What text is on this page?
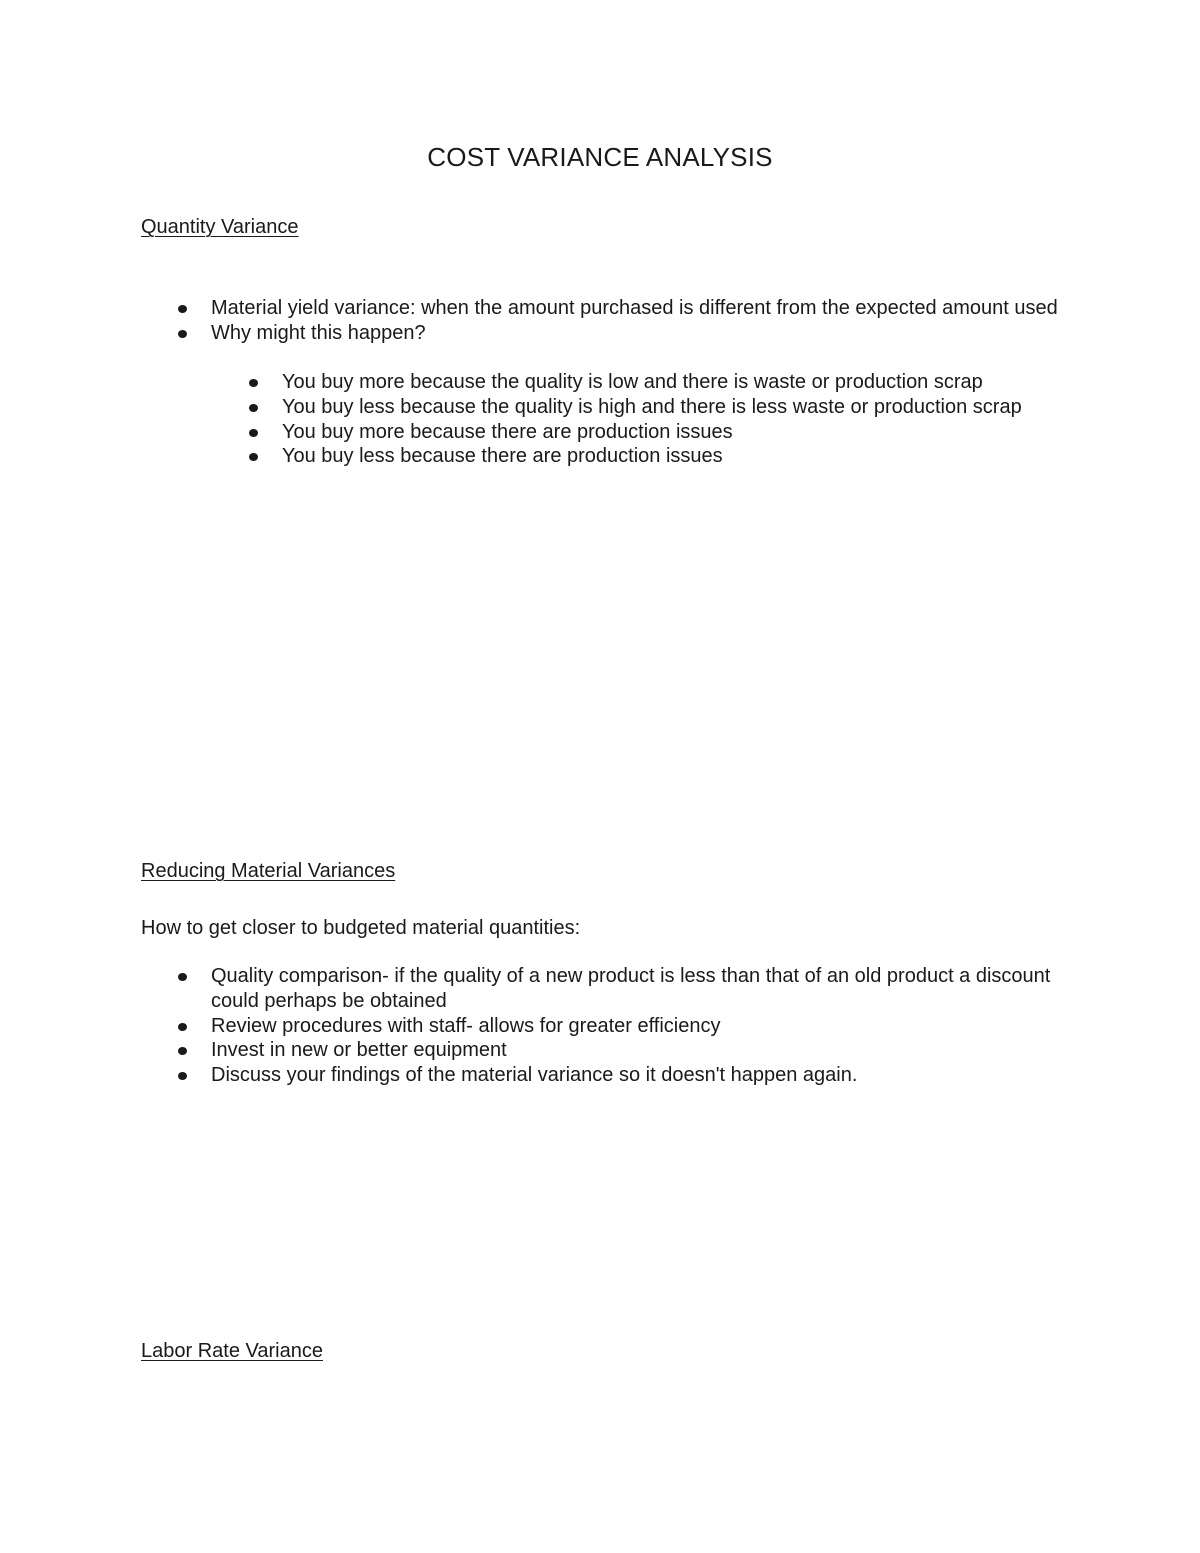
COST VARIANCE ANALYSIS
Quantity Variance
Material yield variance: when the amount purchased is different from the expected amount used
Why might this happen?
You buy more because the quality is low and there is waste or production scrap
You buy less because the quality is high and there is less waste or production scrap
You buy more because there are production issues
You buy less because there are production issues
Reducing Material Variances
How to get closer to budgeted material quantities:
Quality comparison- if the quality of a new product is less than that of an old product a discount could perhaps be obtained
Review procedures with staff- allows for greater efficiency
Invest in new or better equipment
Discuss your findings of the material variance so it doesn't happen again.
Labor Rate Variance
